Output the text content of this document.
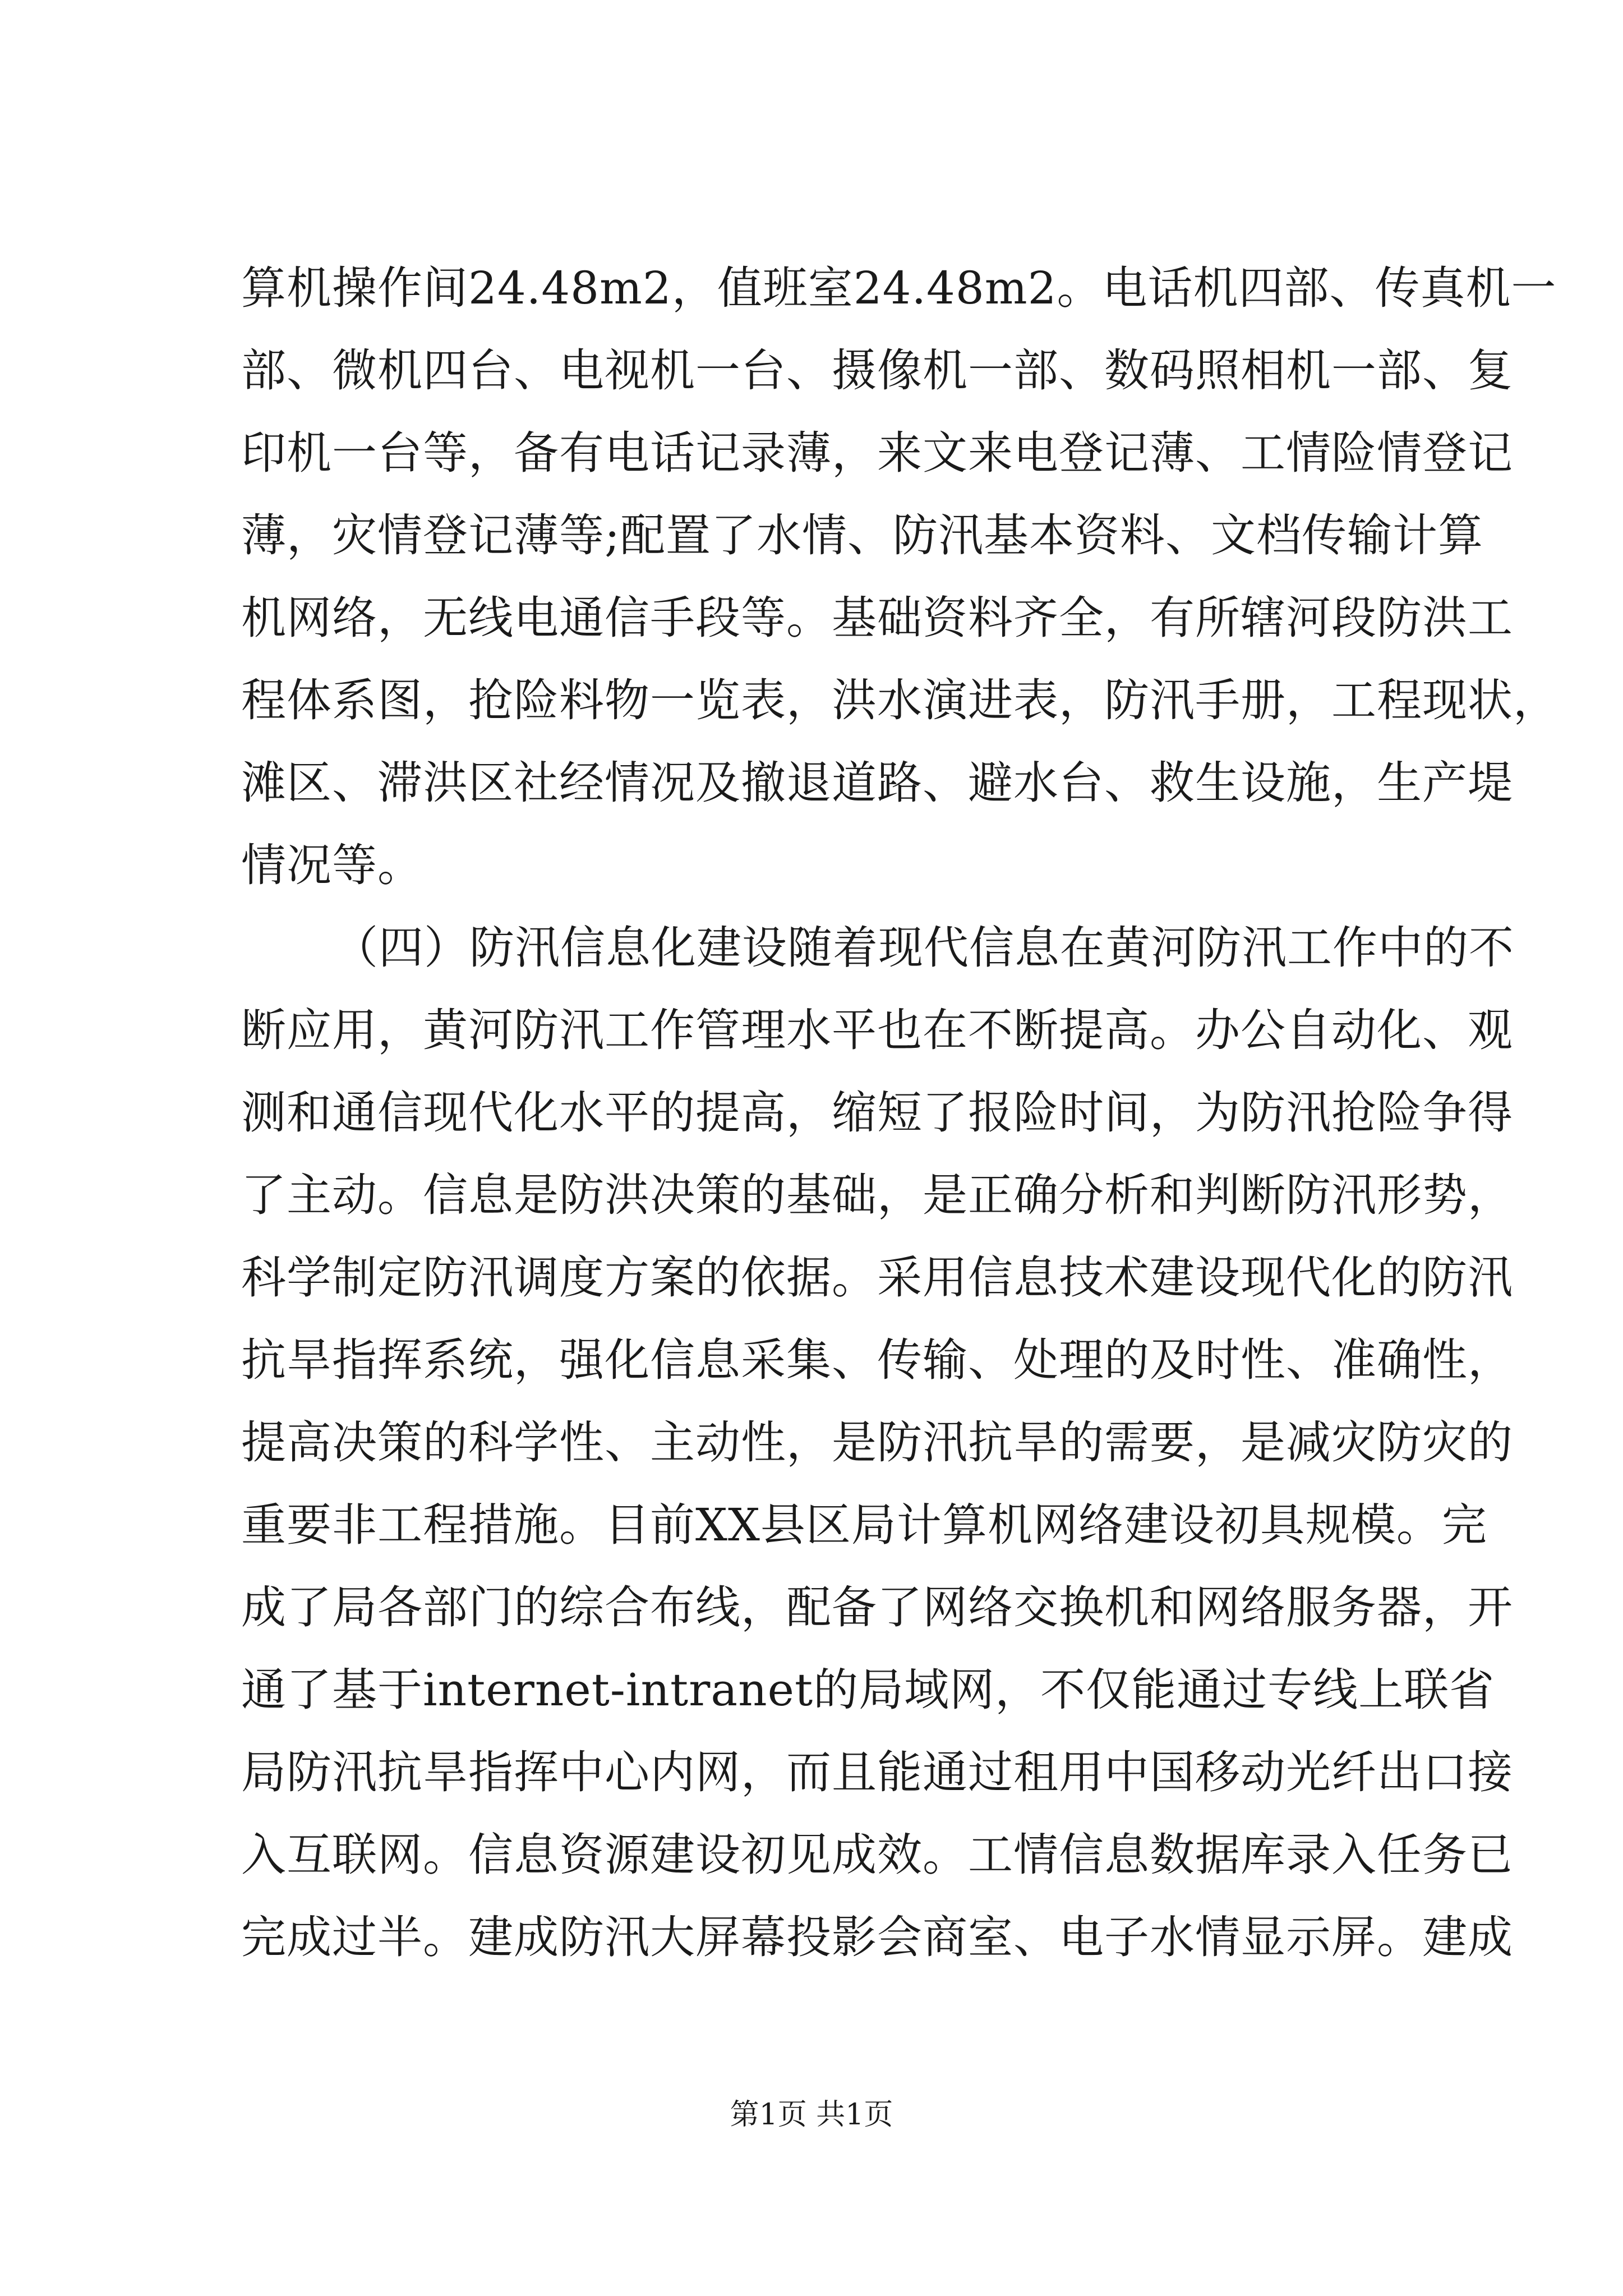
算机操作间24.48m2，值班室24.48m2。电话机四部、传真机一
部、微机四台、电视机一台、摄像机一部、数码照相机一部、复
印机一台等，备有电话记录薄，来文来电登记薄、工情险情登记
薄，灾情登记薄等;配置了水情、防汛基本资料、文档传输计算
机网络，无线电通信手段等。基础资料齐全，有所辖河段防洪工
程体系图，抢险料物一览表，洪水演进表，防汛手册，工程现状，
滩区、滞洪区社经情况及撤退道路、避水台、救生设施，生产堤
情况等。
（四）防汛信息化建设随着现代信息在黄河防汛工作中的不
断应用，黄河防汛工作管理水平也在不断提高。办公自动化、观
测和通信现代化水平的提高，缩短了报险时间，为防汛抢险争得
了主动。信息是防洪决策的基础，是正确分析和判断防汛形势，
科学制定防汛调度方案的依据。采用信息技术建设现代化的防汛
抗旱指挥系统，强化信息采集、传输、处理的及时性、准确性，
提高决策的科学性、主动性，是防汛抗旱的需要，是减灾防灾的
重要非工程措施。目前XX县区局计算机网络建设初具规模。完
成了局各部门的综合布线，配备了网络交换机和网络服务器，开
通了基于internet-intranet的局域网，不仅能通过专线上联省
局防汛抗旱指挥中心内网，而且能通过租用中国移动光纤出口接
入互联网。信息资源建设初见成效。工情信息数据库录入任务已
完成过半。建成防汛大屏幕投影会商室、电子水情显示屏。建成
第1页 共1页
